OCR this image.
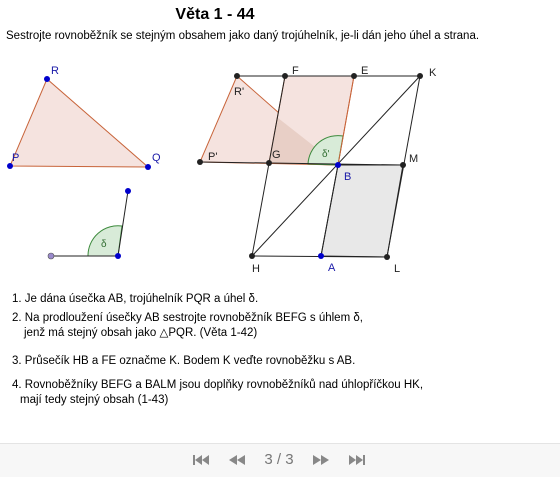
Věta 1 - 44
Sestrojte rovnoběžník se stejným obsahem jako daný trojúhelník, je-li dán jeho úhel a strana.
R
P	Q
δ
F	E	K
R'
P'	G	δ'
B
M
H	A	L
1. Je dána úsečka AB, trojúhelník PQR a úhel δ.
2. Na prodloužení úsečky AB sestrojte rovnoběžník BEFG s úhlem δ,
jenž má stejný obsah jako △PQR. (Věta 1-42)
3. Průsečík HB a FE označme K. Bodem K veďte rovnoběžku s AB.
4. Rovnoběžníky BEFG a BALM jsou doplňky rovnoběžníků nad úhlopříčkou HK,
mají tedy stejný obsah (1-43)
3 / 3
